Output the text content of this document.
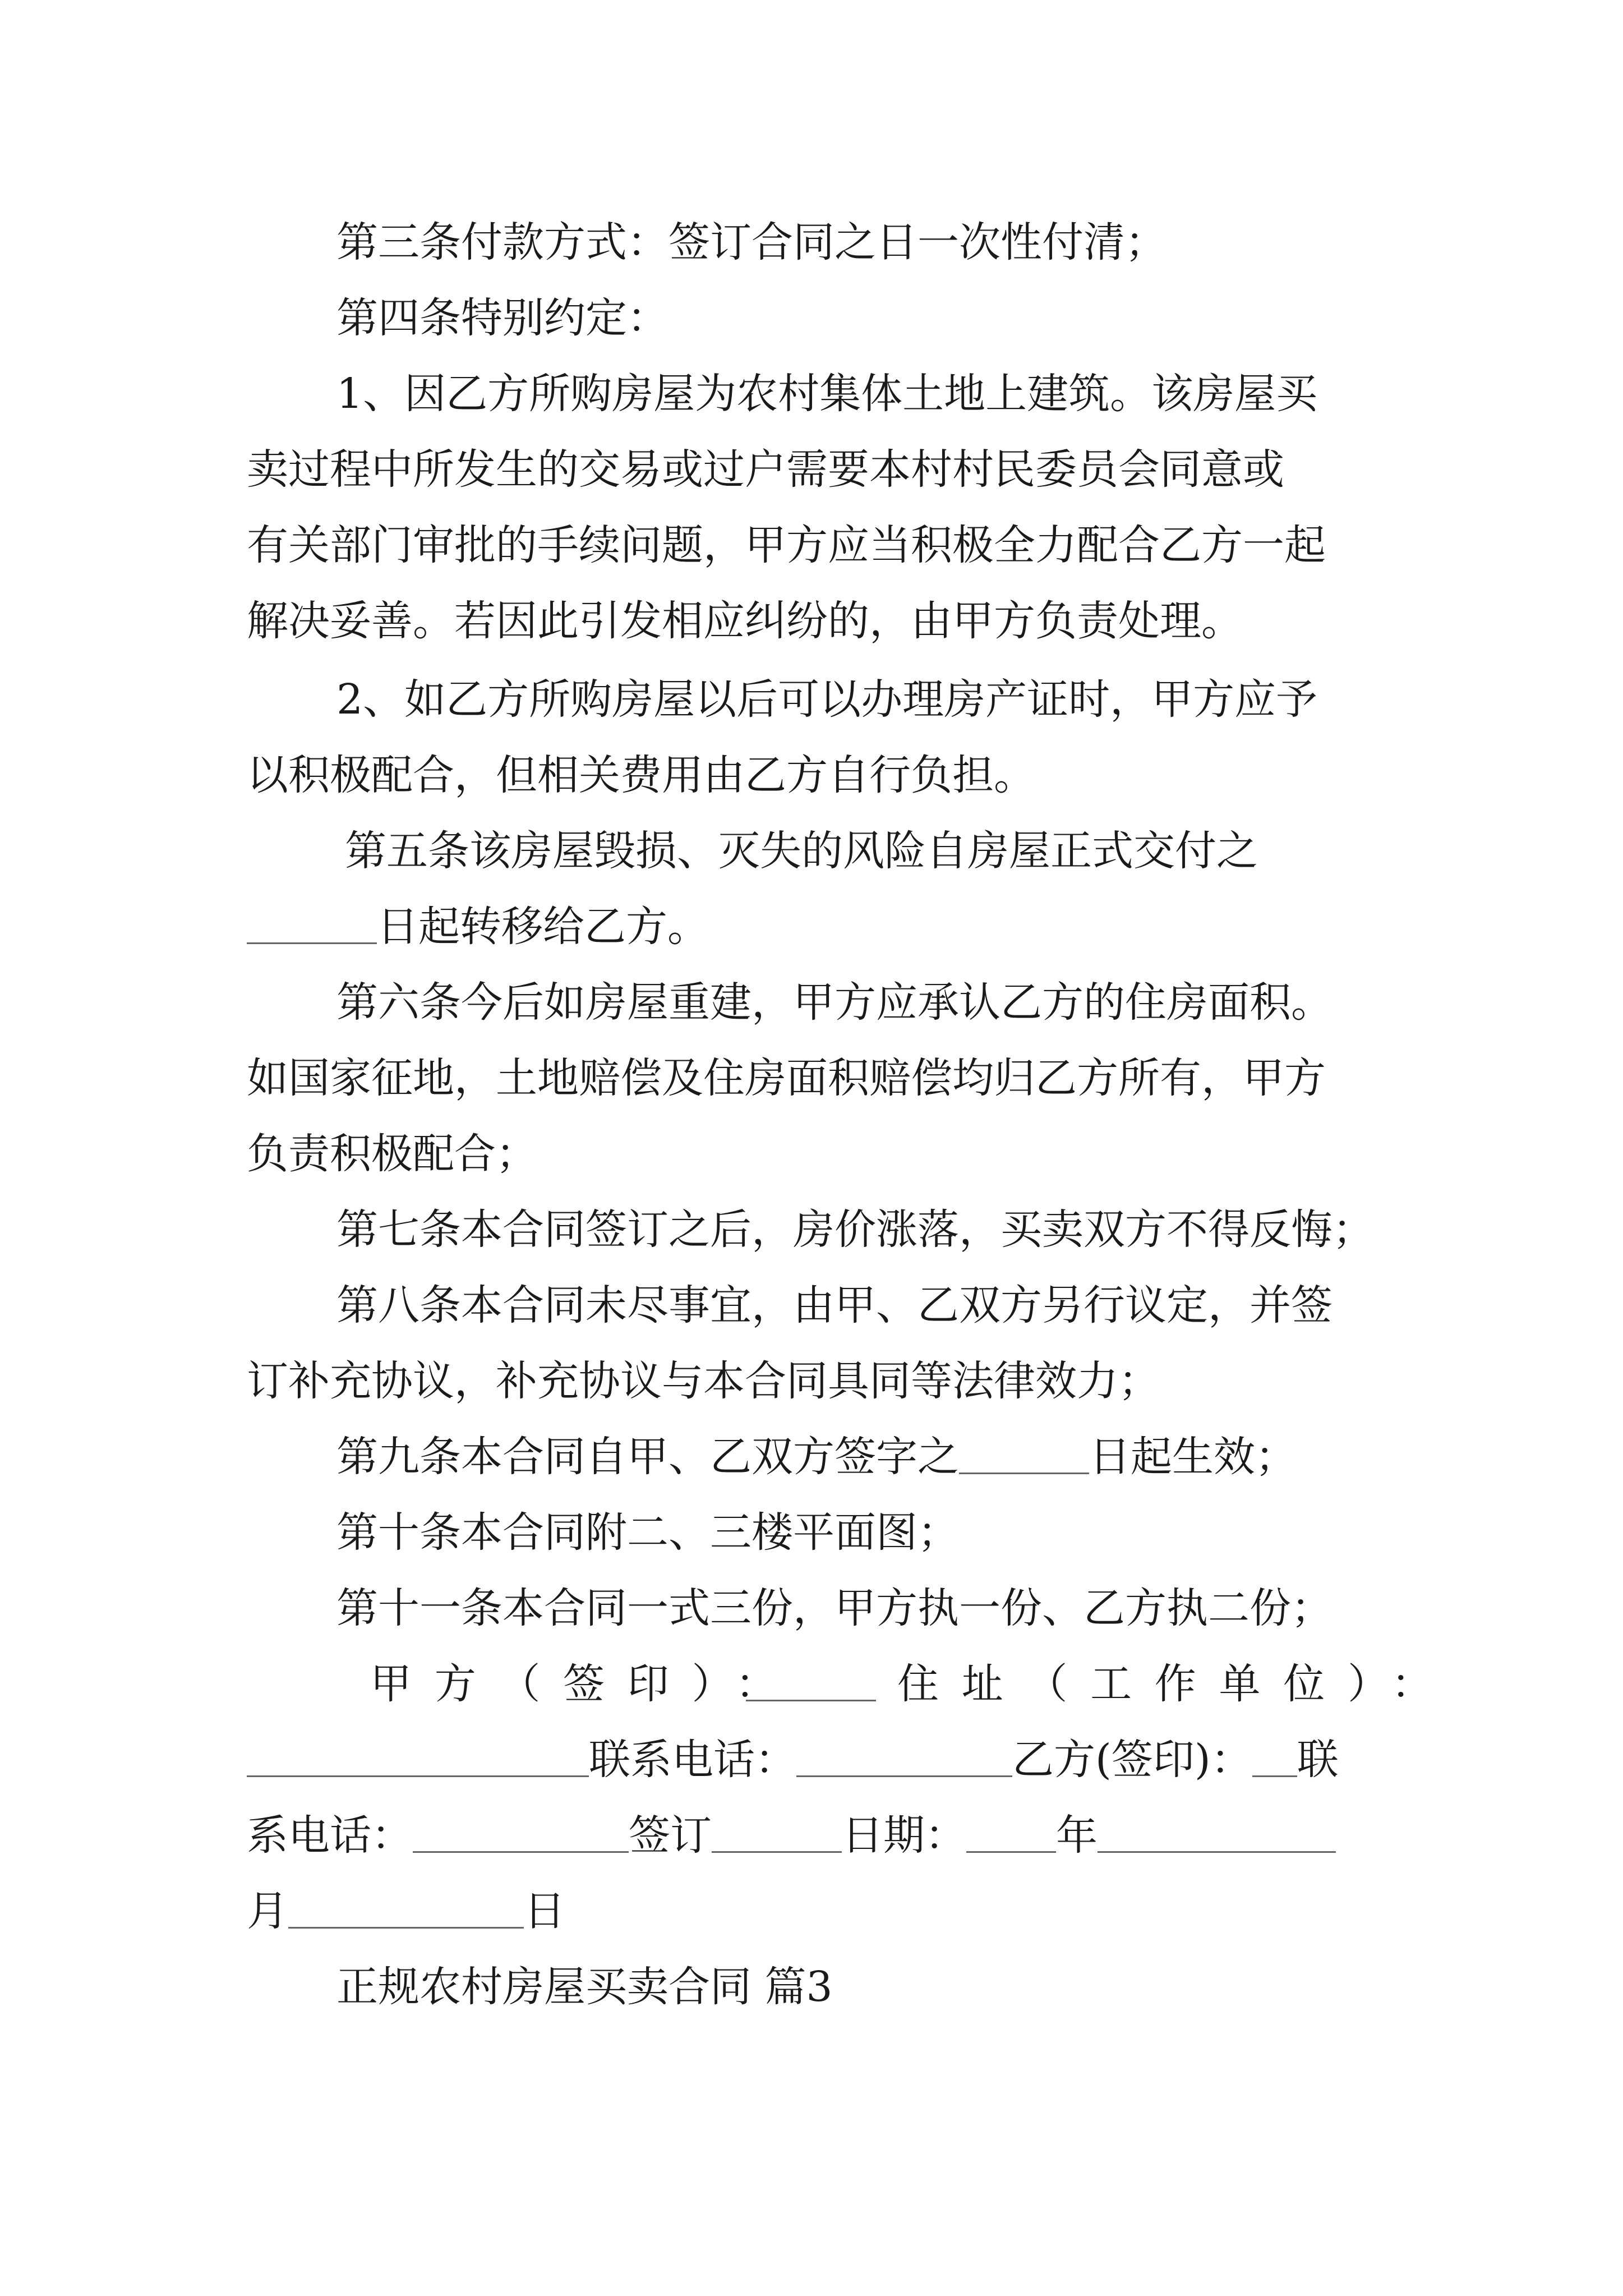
第三条付款方式：签订合同之日一次性付清；
第四条特别约定：
1、因乙方所购房屋为农村集体土地上建筑。该房屋买
卖过程中所发生的交易或过户需要本村村民委员会同意或
有关部门审批的手续问题，甲方应当积极全力配合乙方一起
解决妥善。若因此引发相应纠纷的，由甲方负责处理。
2、如乙方所购房屋以后可以办理房产证时，甲方应予
以积极配合，但相关费用由乙方自行负担。
第五条该房屋毁损、灭失的风险自房屋正式交付之
日起转移给乙方。
第六条今后如房屋重建，甲方应承认乙方的住房面积。
如国家征地，土地赔偿及住房面积赔偿均归乙方所有，甲方
负责积极配合；
第七条本合同签订之后，房价涨落，买卖双方不得反悔；
第八条本合同未尽事宜，由甲、乙双方另行议定，并签
订补充协议，补充协议与本合同具同等法律效力；
第九条本合同自甲、乙双方签字之	日起生效；
第十条本合同附二、三楼平面图；
第十一条本合同一式三份，甲方执一份、乙方执二份；
甲方（签印）： 住址（工作单位）：
联系电话：	乙方(签印)： 联
系电话：	签订	日期： 年
月	日
正规农村房屋买卖合同 篇3
